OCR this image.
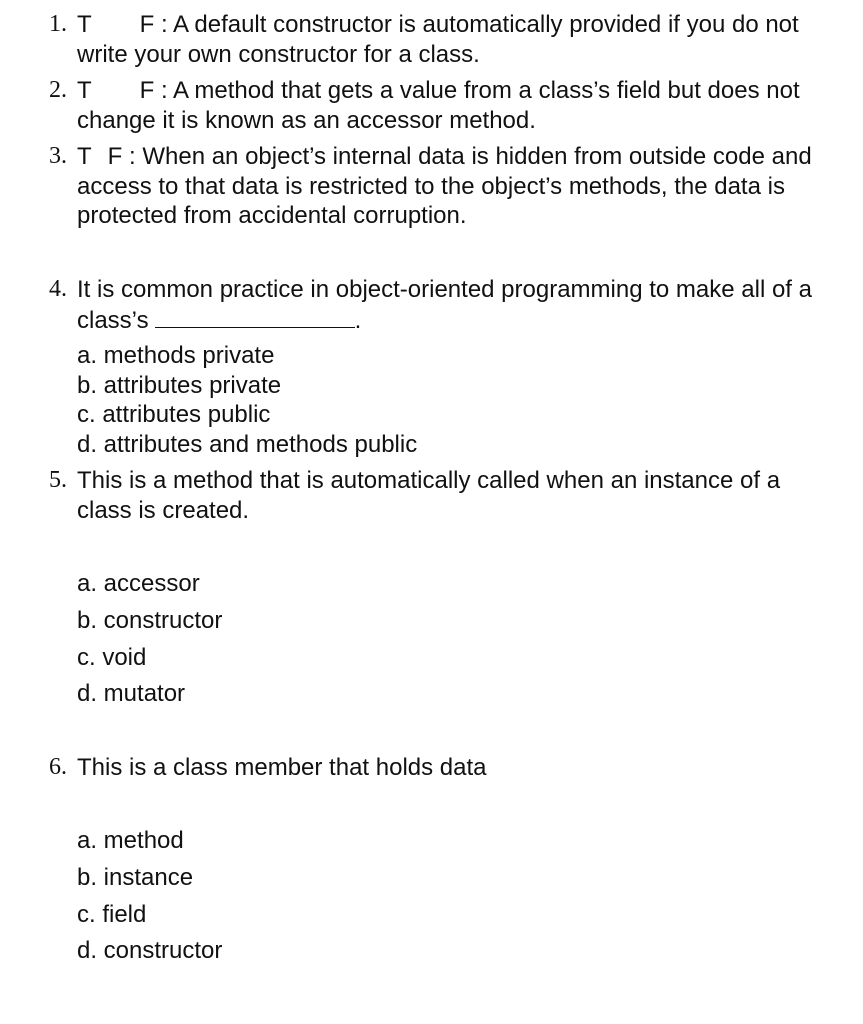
1. T F : A default constructor is automatically provided if you do not write your own constructor for a class.
2. T F : A method that gets a value from a class’s field but does not change it is known as an accessor method.
3. T F : When an object’s internal data is hidden from outside code and access to that data is restricted to the object’s methods, the data is protected from accidental corruption.
4. It is common practice in object-oriented programming to make all of a class’s	.
a. methods private
b. attributes private
c. attributes public
d. attributes and methods public
5. This is a method that is automatically called when an instance of a class is created.
a. accessor
b. constructor
c. void
d. mutator
6. This is a class member that holds data
a. method
b. instance
c. field
d. constructor
